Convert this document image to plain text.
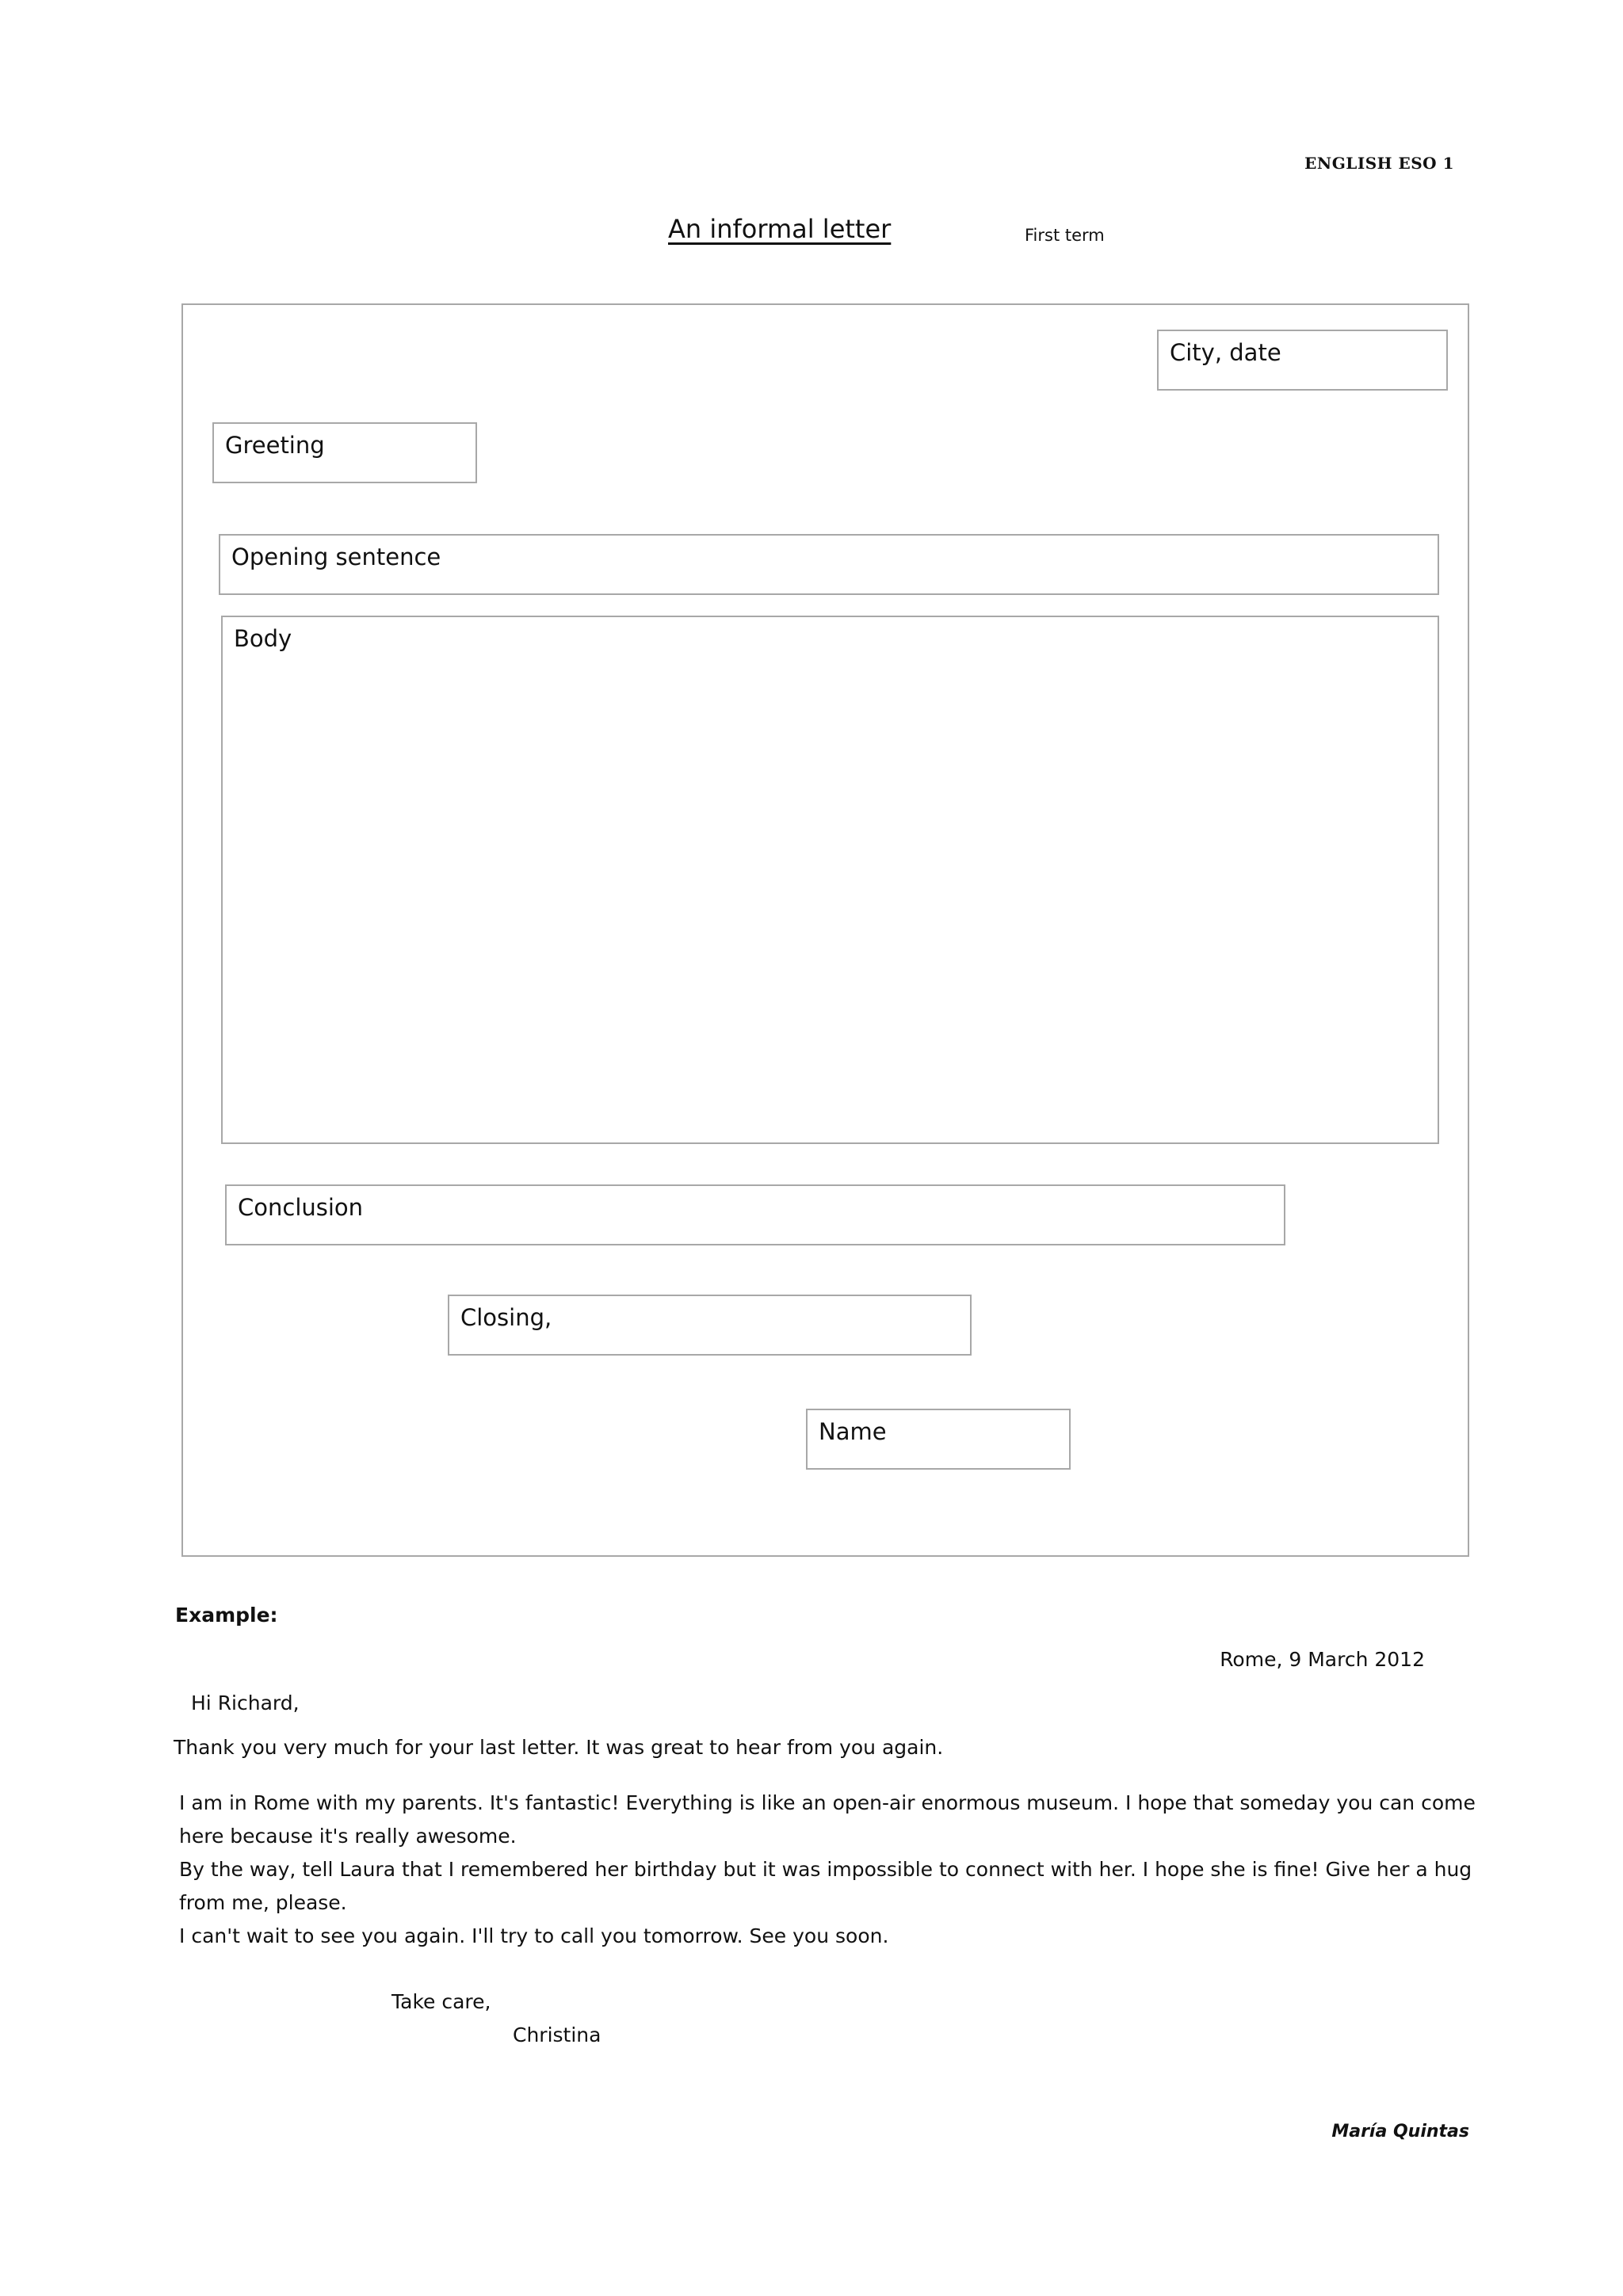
ENGLISH ESO 1
An informal letter	First term
City, date
Greeting
Opening sentence
Body
Conclusion
Closing,
Name
Example:
Rome, 9 March 2012
Hi Richard,
Thank you very much for your last letter. It was great to hear from you again.
I am in Rome with my parents. It's fantastic! Everything is like an open-air enormous museum. I hope that someday you can come
here because it's really awesome.
By the way, tell Laura that I remembered her birthday but it was impossible to connect with her. I hope she is fine! Give her a hug
from me, please.
I can't wait to see you again. I'll try to call you tomorrow. See you soon.
Take care,
Christina
María Quintas
